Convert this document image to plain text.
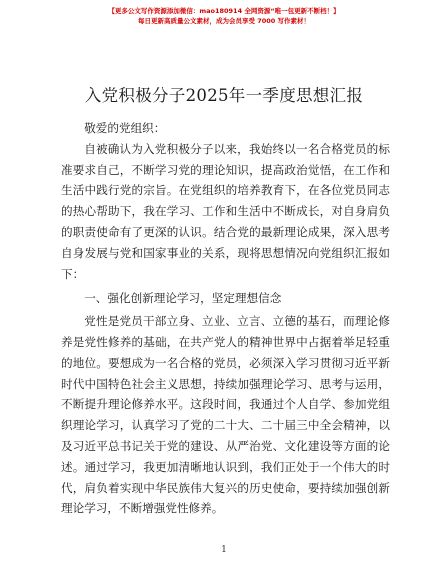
【更多公文写作资源添加微信：mao180914 全网资源“唯一包更新不断档！】
每日更新高质量公文素材，成为会员享受 7000 写作素材！
入党积极分子2025年一季度思想汇报

敬爱的党组织：

自被确认为入党积极分子以来，我始终以一名合格党员的标准要求自己，不断学习党的理论知识，提高政治觉悟，在工作和生活中践行党的宗旨。在党组织的培养教育下，在各位党员同志的热心帮助下，我在学习、工作和生活中不断成长，对自身肩负的职责使命有了更深的认识。结合党的最新理论成果，深入思考自身发展与党和国家事业的关系，现将思想情况向党组织汇报如下：

一、强化创新理论学习，坚定理想信念

党性是党员干部立身、立业、立言、立德的基石，而理论修养是党性修养的基础，在共产党人的精神世界中占据着举足轻重的地位。要想成为一名合格的党员，必须深入学习贯彻习近平新时代中国特色社会主义思想，持续加强理论学习、思考与运用，不断提升理论修养水平。这段时间，我通过个人自学、参加党组织理论学习，认真学习了党的二十大、二十届三中全会精神，以及习近平总书记关于党的建设、从严治党、文化建设等方面的论述。通过学习，我更加清晰地认识到，我们正处于一个伟大的时代，肩负着实现中华民族伟大复兴的历史使命，要持续加强创新理论学习，不断增强党性修养。

1
